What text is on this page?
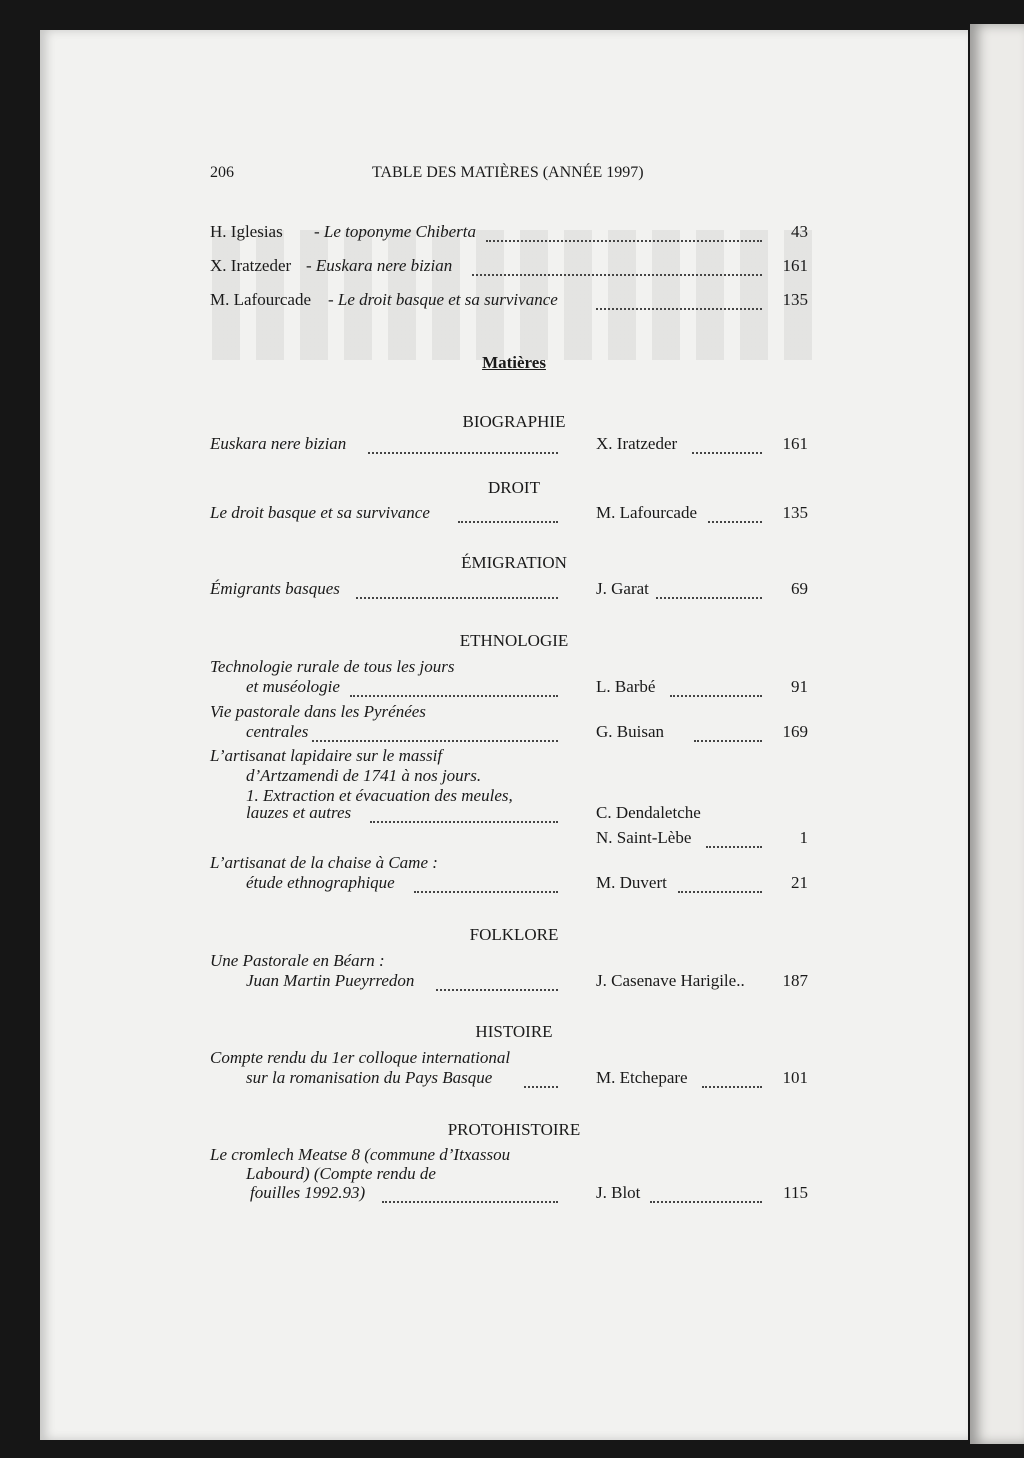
206	TABLE DES MATIÈRES (ANNÉE 1997)
H. Iglesias - Le toponyme Chiberta	43
X. Iratzeder - Euskara nere bizian	161
M. Lafourcade - Le droit basque et sa survivance	135
Matières
BIOGRAPHIE
Euskara nere bizian	X. Iratzeder	161
DROIT
Le droit basque et sa survivance	M. Lafourcade	135
ÉMIGRATION
Émigrants basques	J. Garat	69
ETHNOLOGIE
Technologie rurale de tous les jours
et muséologie	L. Barbé	91
Vie pastorale dans les Pyrénées
centrales	G. Buisan	169
L’artisanat lapidaire sur le massif
d’Artzamendi de 1741 à nos jours.
1. Extraction et évacuation des meules,
lauzes et autres	C. Dendaletche
N. Saint-Lèbe	1
L’artisanat de la chaise à Came :
étude ethnographique	M. Duvert	21
FOLKLORE
Une Pastorale en Béarn :
Juan Martin Pueyrredon	J. Casenave Harigile.. 187
HISTOIRE
Compte rendu du 1er colloque international
sur la romanisation du Pays Basque	M. Etchepare	101
PROTOHISTOIRE
Le cromlech Meatse 8 (commune d’Itxassou
Labourd) (Compte rendu de
fouilles 1992.93)	J. Blot	115
